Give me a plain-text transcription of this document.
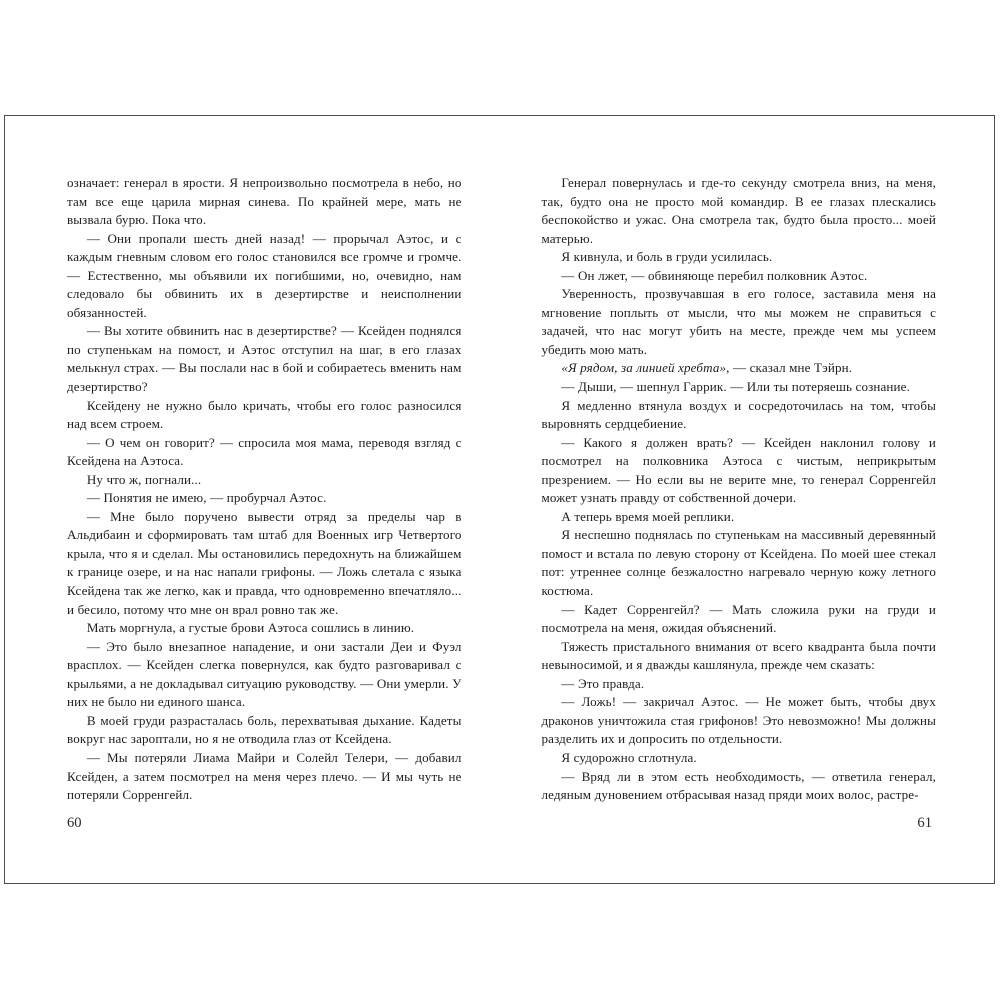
означает: генерал в ярости. Я непроизвольно посмотрела в небо, но там все еще царила мирная синева. По крайней мере, мать не вызвала бурю. Пока что.

— Они пропали шесть дней назад! — прорычал Аэтос, и с каждым гневным словом его голос становился все громче и громче. — Естественно, мы объявили их погибшими, но, очевидно, нам следовало бы обвинить их в дезертирстве и неисполнении обязанностей.

— Вы хотите обвинить нас в дезертирстве? — Ксейден поднялся по ступенькам на помост, и Аэтос отступил на шаг, в его глазах мелькнул страх. — Вы послали нас в бой и собираетесь вменить нам дезертирство?

Ксейдену не нужно было кричать, чтобы его голос разносился над всем строем.

— О чем он говорит? — спросила моя мама, переводя взгляд с Ксейдена на Аэтоса.

Ну что ж, погнали...

— Понятия не имею, — пробурчал Аэтос.

— Мне было поручено вывести отряд за пределы чар в Альдибаин и сформировать там штаб для Военных игр Четвертого крыла, что я и сделал. Мы остановились передохнуть на ближайшем к границе озере, и на нас напали грифоны. — Ложь слетала с языка Ксейдена так же легко, как и правда, что одновременно впечатляло... и бесило, потому что мне он врал ровно так же.

Мать моргнула, а густые брови Аэтоса сошлись в линию.

— Это было внезапное нападение, и они застали Деи и Фуэл врасплох. — Ксейден слегка повернулся, как будто разговаривал с крыльями, а не докладывал ситуацию руководству. — Они умерли. У них не было ни единого шанса.

В моей груди разрасталась боль, перехватывая дыхание. Кадеты вокруг нас зароптали, но я не отводила глаз от Ксейдена.

— Мы потеряли Лиама Майри и Солейл Телери, — добавил Ксейден, а затем посмотрел на меня через плечо. — И мы чуть не потеряли Сорренгейл.

60

Генерал повернулась и где-то секунду смотрела вниз, на меня, так, будто она не просто мой командир. В ее глазах плескались беспокойство и ужас. Она смотрела так, будто была просто... моей матерью.

Я кивнула, и боль в груди усилилась.

— Он лжет, — обвиняюще перебил полковник Аэтос.

Уверенность, прозвучавшая в его голосе, заставила меня на мгновение поплыть от мысли, что мы можем не справиться с задачей, что нас могут убить на месте, прежде чем мы успеем убедить мою мать.

«Я рядом, за линией хребта», — сказал мне Тэйрн.

— Дыши, — шепнул Гаррик. — Или ты потеряешь сознание.

Я медленно втянула воздух и сосредоточилась на том, чтобы выровнять сердцебиение.

— Какого я должен врать? — Ксейден наклонил голову и посмотрел на полковника Аэтоса с чистым, неприкрытым презрением. — Но если вы не верите мне, то генерал Сорренгейл может узнать правду от собственной дочери.

А теперь время моей реплики.

Я неспешно поднялась по ступенькам на массивный деревянный помост и встала по левую сторону от Ксейдена. По моей шее стекал пот: утреннее солнце безжалостно нагревало черную кожу летного костюма.

— Кадет Сорренгейл? — Мать сложила руки на груди и посмотрела на меня, ожидая объяснений.

Тяжесть пристального внимания от всего квадранта была почти невыносимой, и я дважды кашлянула, прежде чем сказать:

— Это правда.

— Ложь! — закричал Аэтос. — Не может быть, чтобы двух драконов уничтожила стая грифонов! Это невозможно! Мы должны разделить их и допросить по отдельности.

Я судорожно сглотнула.

— Вряд ли в этом есть необходимость, — ответила генерал, ледяным дуновением отбрасывая назад пряди моих волос, растре-

61
